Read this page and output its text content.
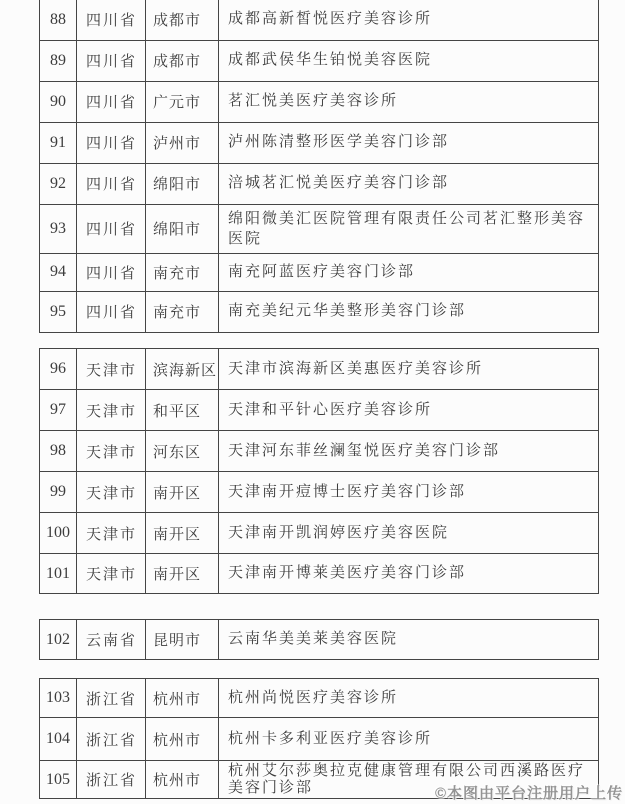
88	四川省	成都市	成都高新皙悦医疗美容诊所
89	四川省	成都市	成都武侯华生铂悦美容医院
90	四川省	广元市	茗汇悦美医疗美容诊所
91	四川省	泸州市	泸州陈清整形医学美容门诊部
92	四川省	绵阳市	涪城茗汇悦美医疗美容门诊部
93	四川省	绵阳市	绵阳微美汇医院管理有限责任公司茗汇整形美容医院
94	四川省	南充市	南充阿蓝医疗美容门诊部
95	四川省	南充市	南充美纪元华美整形美容门诊部
96	天津市	滨海新区	天津市滨海新区美惠医疗美容诊所
97	天津市	和平区	天津和平针心医疗美容诊所
98	天津市	河东区	天津河东菲丝澜玺悦医疗美容门诊部
99	天津市	南开区	天津南开痘博士医疗美容门诊部
100	天津市	南开区	天津南开凯润婷医疗美容医院
101	天津市	南开区	天津南开博莱美医疗美容门诊部
102	云南省	昆明市	云南华美美莱美容医院
103	浙江省	杭州市	杭州尚悦医疗美容诊所
104	浙江省	杭州市	杭州卡多利亚医疗美容诊所
105	浙江省	杭州市	杭州艾尔莎奥拉克健康管理有限公司西溪路医疗美容门诊部	©本图由平台注册用户上传
